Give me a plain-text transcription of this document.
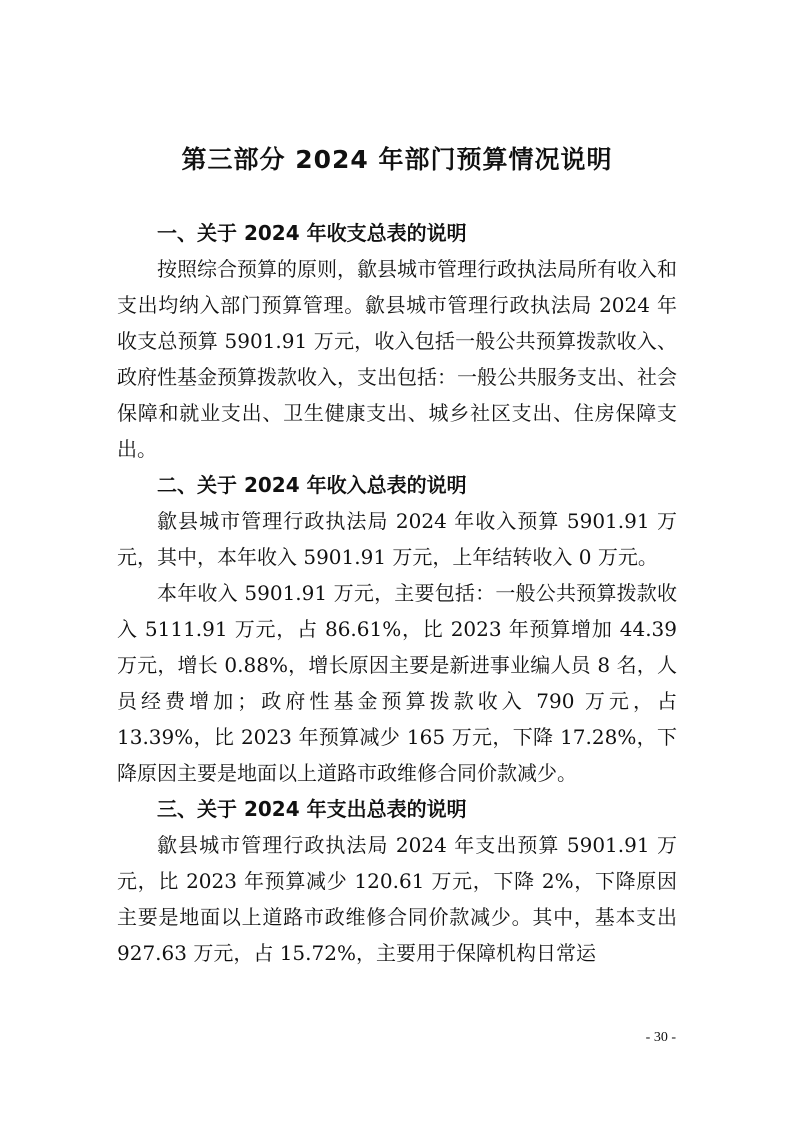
第三部分 2024 年部门预算情况说明

一、关于 2024 年收支总表的说明

按照综合预算的原则，歙县城市管理行政执法局所有收入和支出均纳入部门预算管理。歙县城市管理行政执法局 2024 年收支总预算 5901.91 万元，收入包括一般公共预算拨款收入、政府性基金预算拨款收入，支出包括：一般公共服务支出、社会保障和就业支出、卫生健康支出、城乡社区支出、住房保障支出。

二、关于 2024 年收入总表的说明

歙县城市管理行政执法局 2024 年收入预算 5901.91 万元，其中，本年收入 5901.91 万元，上年结转收入 0 万元。

本年收入 5901.91 万元，主要包括：一般公共预算拨款收入 5111.91 万元，占 86.61%，比 2023 年预算增加 44.39 万元，增长 0.88%，增长原因主要是新进事业编人员 8 名，人员经费增加；政府性基金预算拨款收入 790 万元，占 13.39%，比 2023 年预算减少 165 万元，下降 17.28%，下降原因主要是地面以上道路市政维修合同价款减少。

三、关于 2024 年支出总表的说明

歙县城市管理行政执法局 2024 年支出预算 5901.91 万元，比 2023 年预算减少 120.61 万元，下降 2%，下降原因主要是地面以上道路市政维修合同价款减少。其中，基本支出 927.63 万元，占 15.72%，主要用于保障机构日常运

- 30 -
